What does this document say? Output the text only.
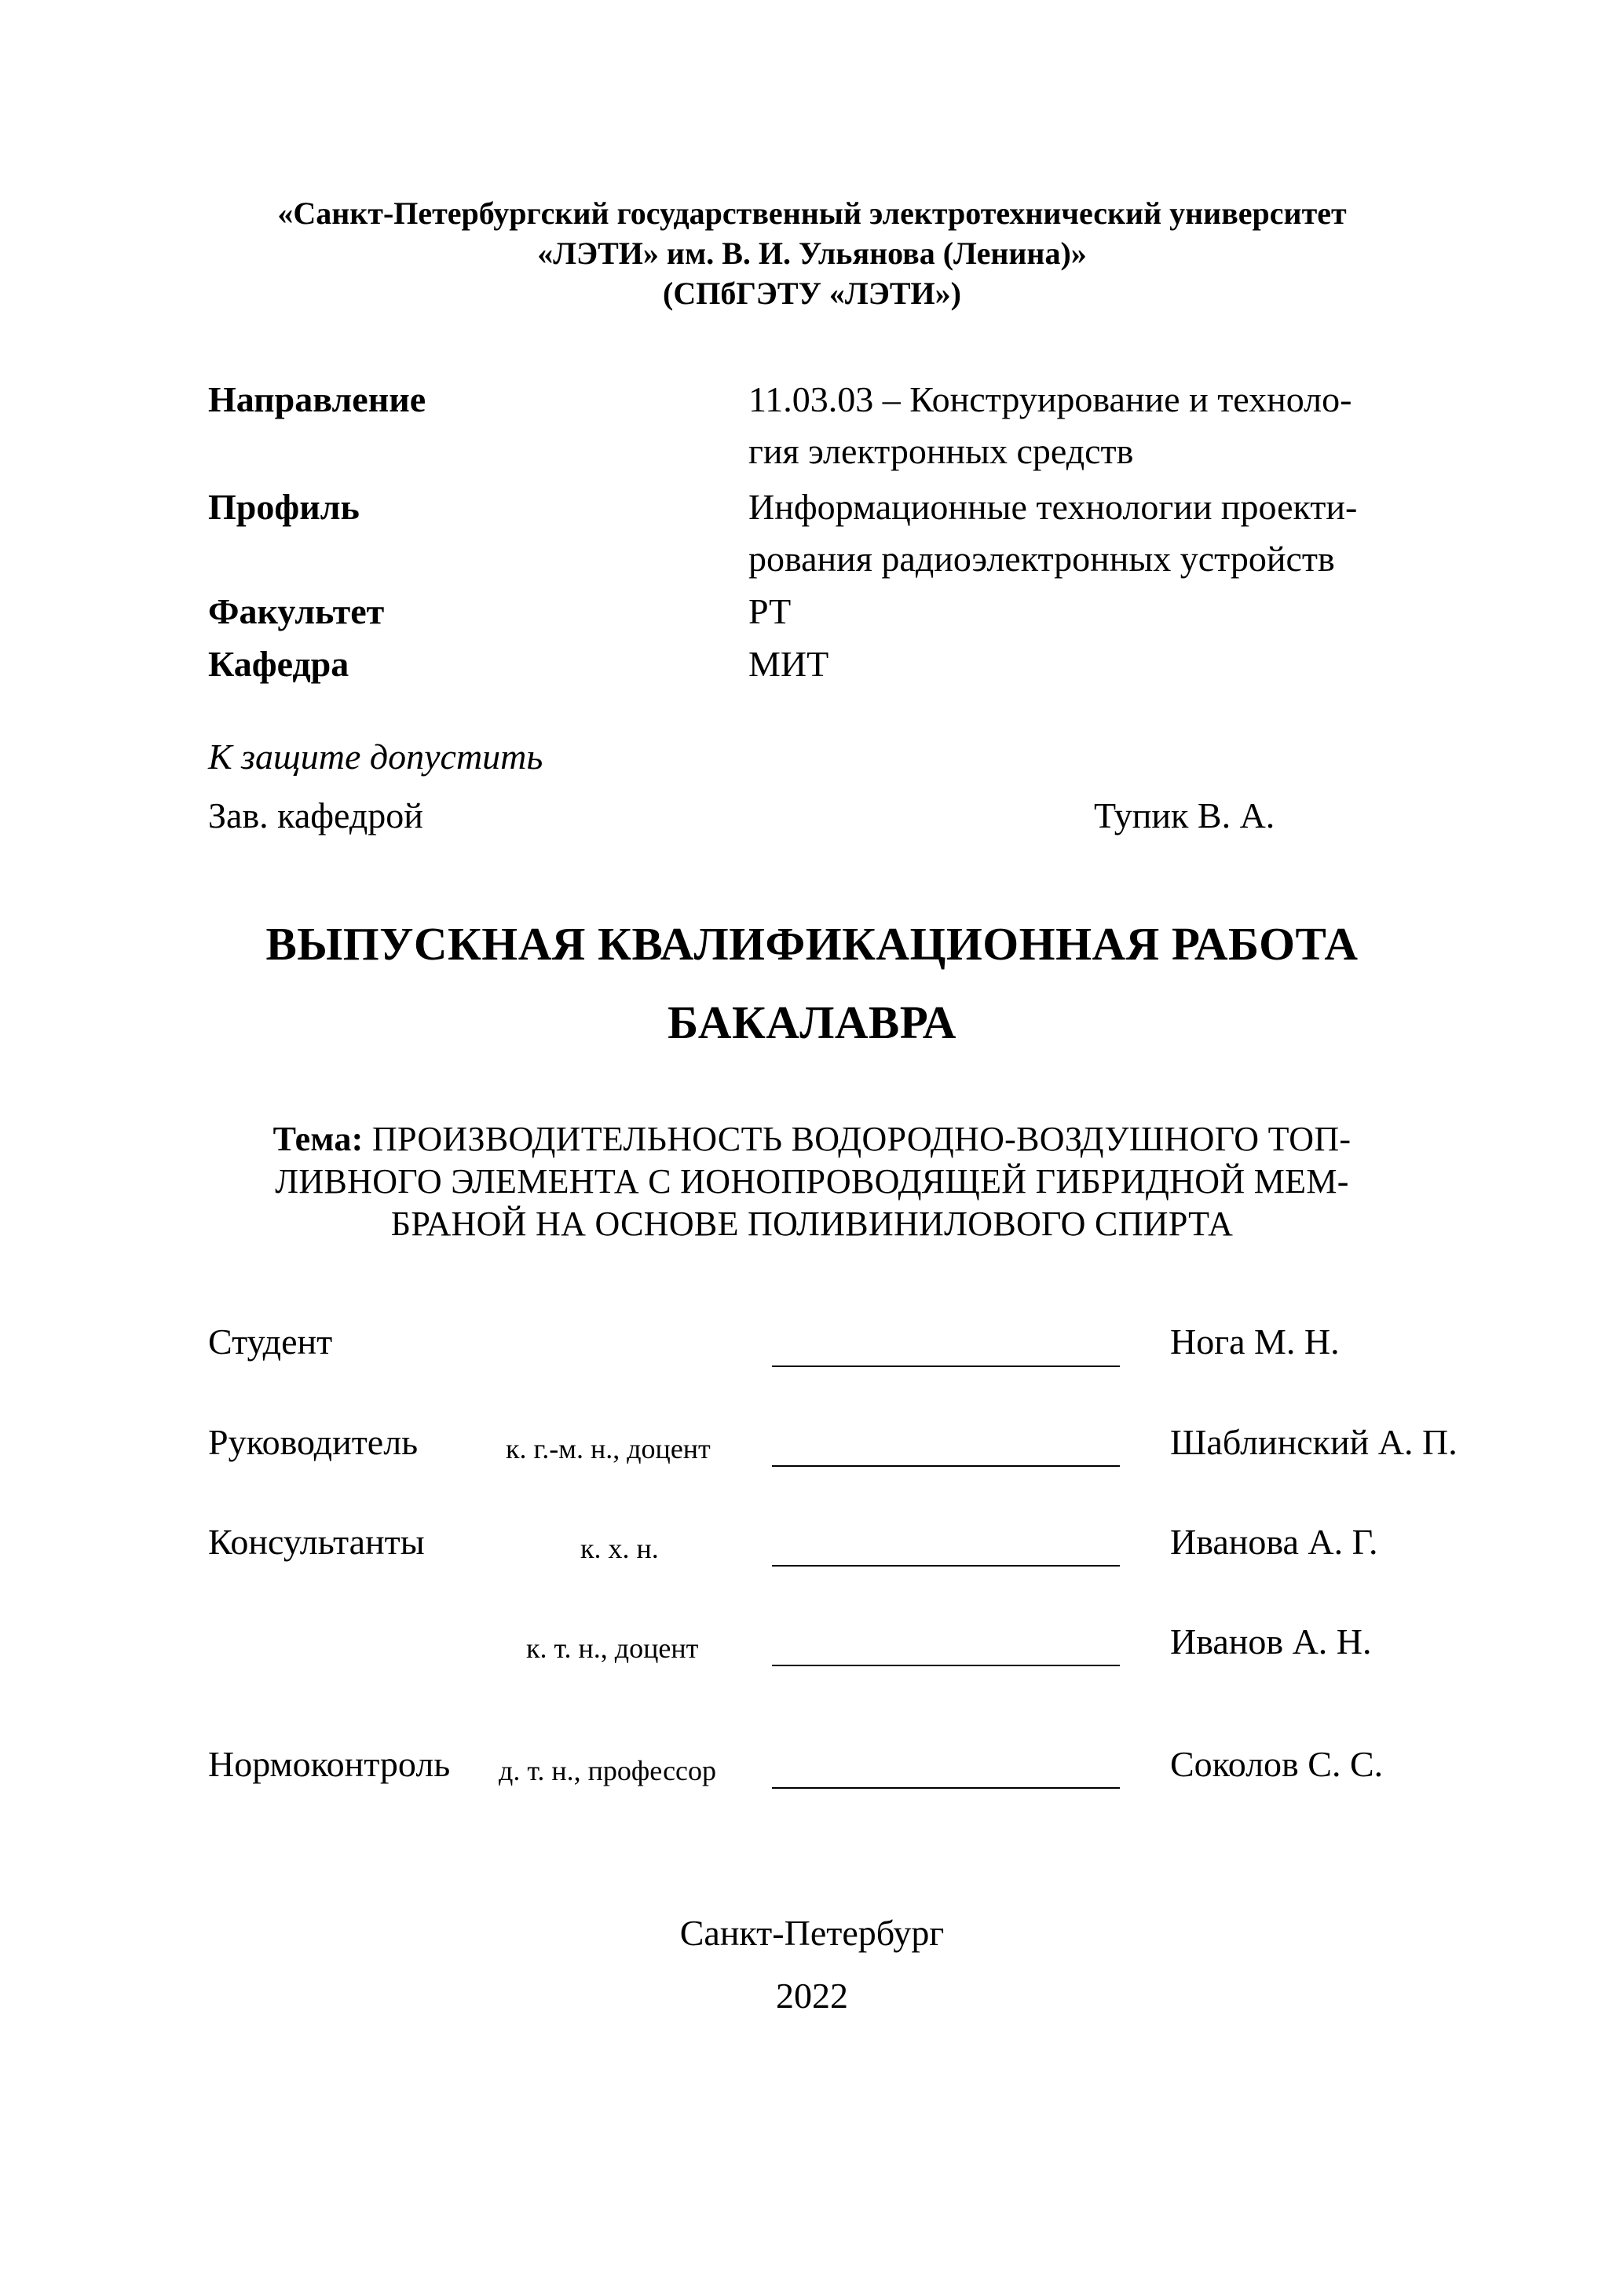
«Санкт-Петербургский государственный электротехнический университет
«ЛЭТИ» им. В. И. Ульянова (Ленина)»
(СПбГЭТУ «ЛЭТИ»)
Направление	11.03.03 – Конструирование и техноло-
гия электронных средств
Профиль	Информационные технологии проекти-
рования радиоэлектронных устройств
Факультет	РТ
Кафедра	МИТ
К защите допустить
Зав. кафедрой	Тупик В. А.
ВЫПУСКНАЯ КВАЛИФИКАЦИОННАЯ РАБОТА
БАКАЛАВРА
Тема: ПРОИЗВОДИТЕЛЬНОСТЬ ВОДОРОДНО-ВОЗДУШНОГО ТОП-
ЛИВНОГО ЭЛЕМЕНТА С ИОНОПРОВОДЯЩЕЙ ГИБРИДНОЙ МЕМ-
БРАНОЙ НА ОСНОВЕ ПОЛИВИНИЛОВОГО СПИРТА
Студент	Нога М. Н.
Руководитель	к. г.-м. н., доцент	Шаблинский А. П.
Консультанты	к. х. н.	Иванова А. Г.
к. т. н., доцент	Иванов А. Н.
Нормоконтроль д. т. н., профессор	Соколов С. С.
Санкт-Петербург
2022
